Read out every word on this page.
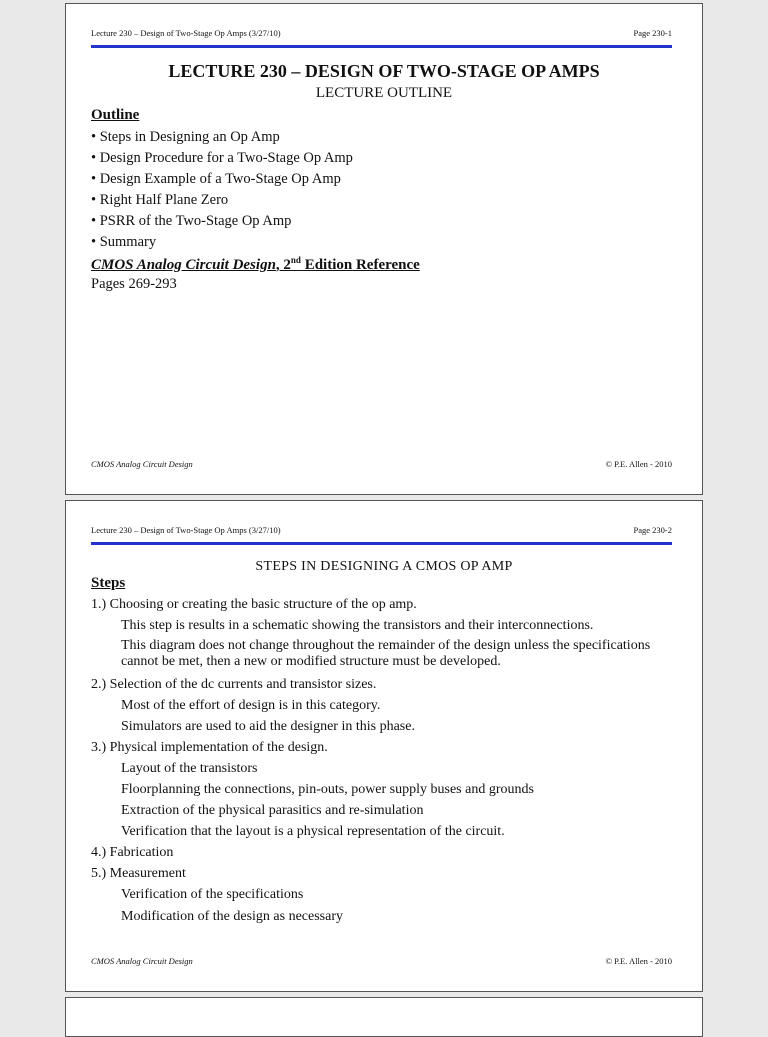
Lecture 230 – Design of Two-Stage Op Amps (3/27/10)	Page 230-1
LECTURE 230 – DESIGN OF TWO-STAGE OP AMPS
LECTURE OUTLINE
Outline
• Steps in Designing an Op Amp
• Design Procedure for a Two-Stage Op Amp
• Design Example of a Two-Stage Op Amp
• Right Half Plane Zero
• PSRR of the Two-Stage Op Amp
• Summary
CMOS Analog Circuit Design, 2nd Edition Reference
Pages 269-293
CMOS Analog Circuit Design	© P.E. Allen - 2010
Lecture 230 – Design of Two-Stage Op Amps (3/27/10)	Page 230-2
STEPS IN DESIGNING A CMOS OP AMP
Steps
1.) Choosing or creating the basic structure of the op amp.
This step is results in a schematic showing the transistors and their interconnections.
This diagram does not change throughout the remainder of the design unless the specifications cannot be met, then a new or modified structure must be developed.
2.) Selection of the dc currents and transistor sizes.
Most of the effort of design is in this category.
Simulators are used to aid the designer in this phase.
3.) Physical implementation of the design.
Layout of the transistors
Floorplanning the connections, pin-outs, power supply buses and grounds
Extraction of the physical parasitics and re-simulation
Verification that the layout is a physical representation of the circuit.
4.) Fabrication
5.) Measurement
Verification of the specifications
Modification of the design as necessary
CMOS Analog Circuit Design	© P.E. Allen - 2010
